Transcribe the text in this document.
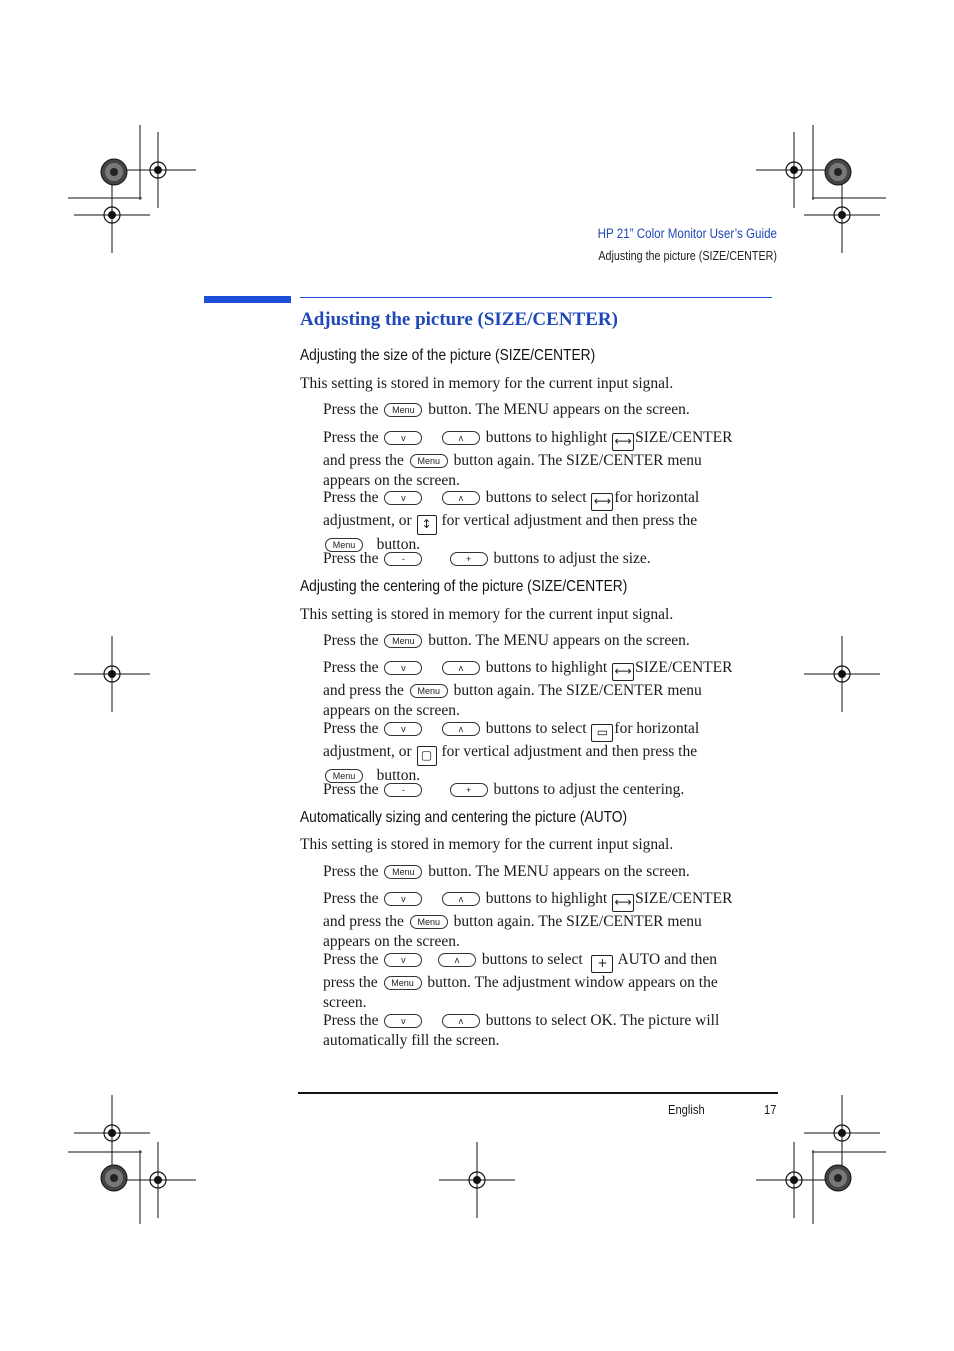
HP 21” Color Monitor User’s Guide
Adjusting the picture (SIZE/CENTER)
Adjusting the picture (SIZE/CENTER)
Adjusting the size of the picture (SIZE/CENTER)
This setting is stored in memory for the current input signal.
Press the Menu button. The MENU appears on the screen.
Press the	v	ʌ buttons to highlight ⟷ SIZE/CENTER
and press the Menu button again. The SIZE/CENTER menu
appears on the screen.
Press the	v	ʌ buttons to select ⟷ for horizontal
adjustment, or ↕ for vertical adjustment and then press the
Menu button.
Press the	-	+ buttons to adjust the size.
Adjusting the centering of the picture (SIZE/CENTER)
This setting is stored in memory for the current input signal.
Press the Menu button. The MENU appears on the screen.
Press the	v	ʌ buttons to highlight ⟷ SIZE/CENTER
and press the Menu button again. The SIZE/CENTER menu
appears on the screen.
Press the	v	ʌ buttons to select ▭ for horizontal
adjustment, or ▢ for vertical adjustment and then press the
Menu button.
Press the	-	+ buttons to adjust the centering.
Automatically sizing and centering the picture (AUTO)
This setting is stored in memory for the current input signal.
Press the Menu button. The MENU appears on the screen.
Press the	v	ʌ buttons to highlight ⟷ SIZE/CENTER
and press the Menu button again. The SIZE/CENTER menu
appears on the screen.
Press the	v	ʌ buttons to select + AUTO and then
press the Menu button. The adjustment window appears on the
screen.
Press the	v	ʌ buttons to select OK. The picture will
automatically fill the screen.
English	17
